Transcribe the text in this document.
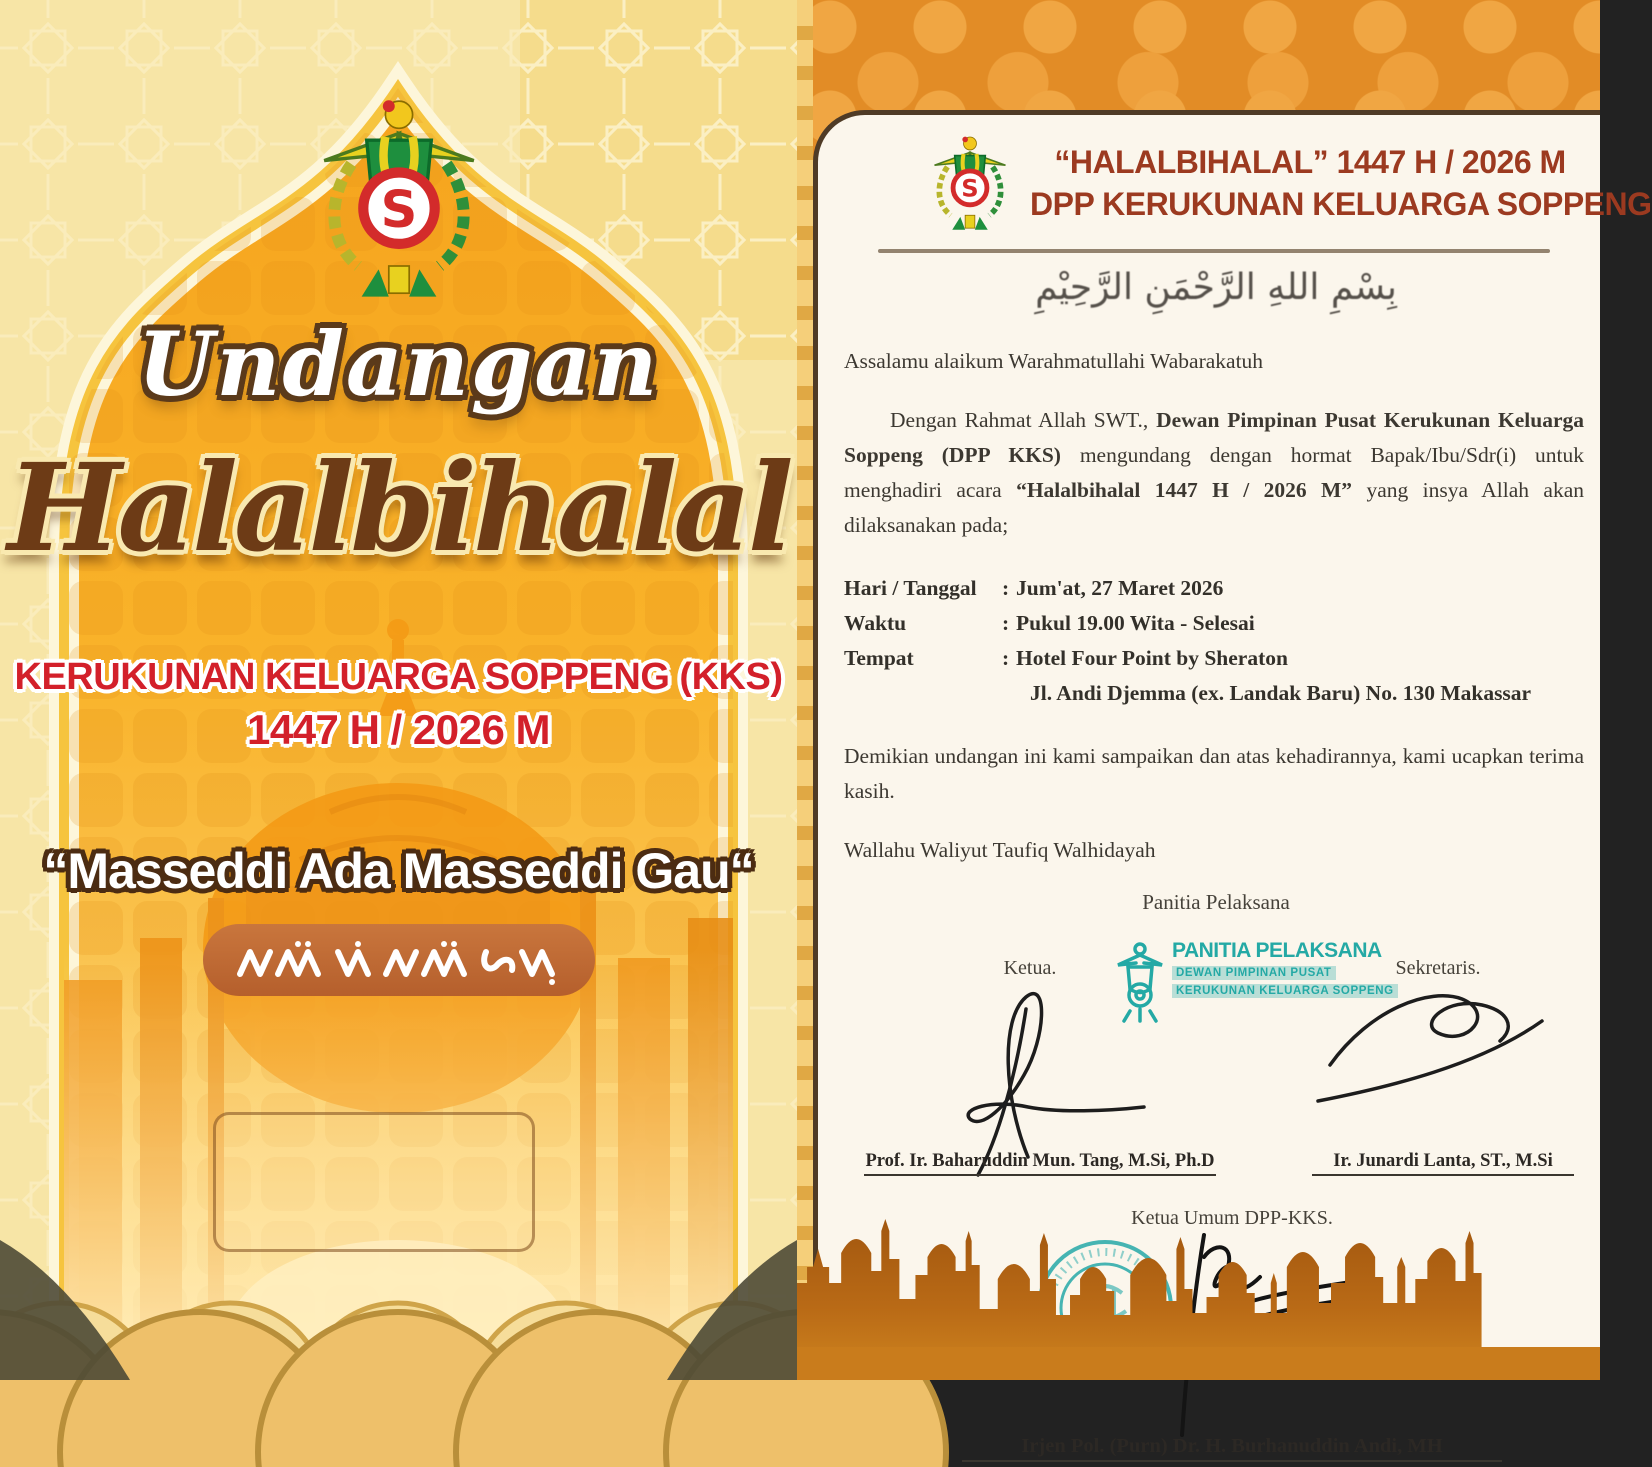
Undangan
Halalbihalal
KERUKUNAN KELUARGA SOPPENG (KKS)
1447 H / 2026 M
“Masseddi Ada Masseddi Gau“
“HALALBIHALAL” 1447 H / 2026 M
DPP KERUKUNAN KELUARGA SOPPENG
بِسْمِ اللهِ الرَّحْمَنِ الرَّحِيْمِ
Assalamu alaikum Warahmatullahi Wabarakatuh
Dengan Rahmat Allah SWT., Dewan Pimpinan Pusat Kerukunan Keluarga Soppeng (DPP KKS) mengundang dengan hormat Bapak/Ibu/Sdr(i) untuk menghadiri acara “Halalbihalal 1447 H / 2026 M” yang insya Allah akan dilaksanakan pada;
Hari / Tanggal	: Jum'at, 27 Maret 2026
Waktu	: Pukul 19.00 Wita - Selesai
Tempat	: Hotel Four Point by Sheraton
Jl. Andi Djemma (ex. Landak Baru) No. 130 Makassar
Demikian undangan ini kami sampaikan dan atas kehadirannya, kami ucapkan terima kasih.
Wallahu Waliyut Taufiq Walhidayah
Panitia Pelaksana
PANITIA PELAKSANA
DEWAN PIMPINAN PUSAT
KERUKUNAN KELUARGA SOPPENG
Ketua.	Sekretaris.
Prof. Ir. Baharuddin Mun. Tang, M.Si, Ph.D	Ir. Junardi Lanta, ST., M.Si
Ketua Umum DPP-KKS.
Irjen Pol. (Purn) Dr. H. Burhanuddin Andi, MH
